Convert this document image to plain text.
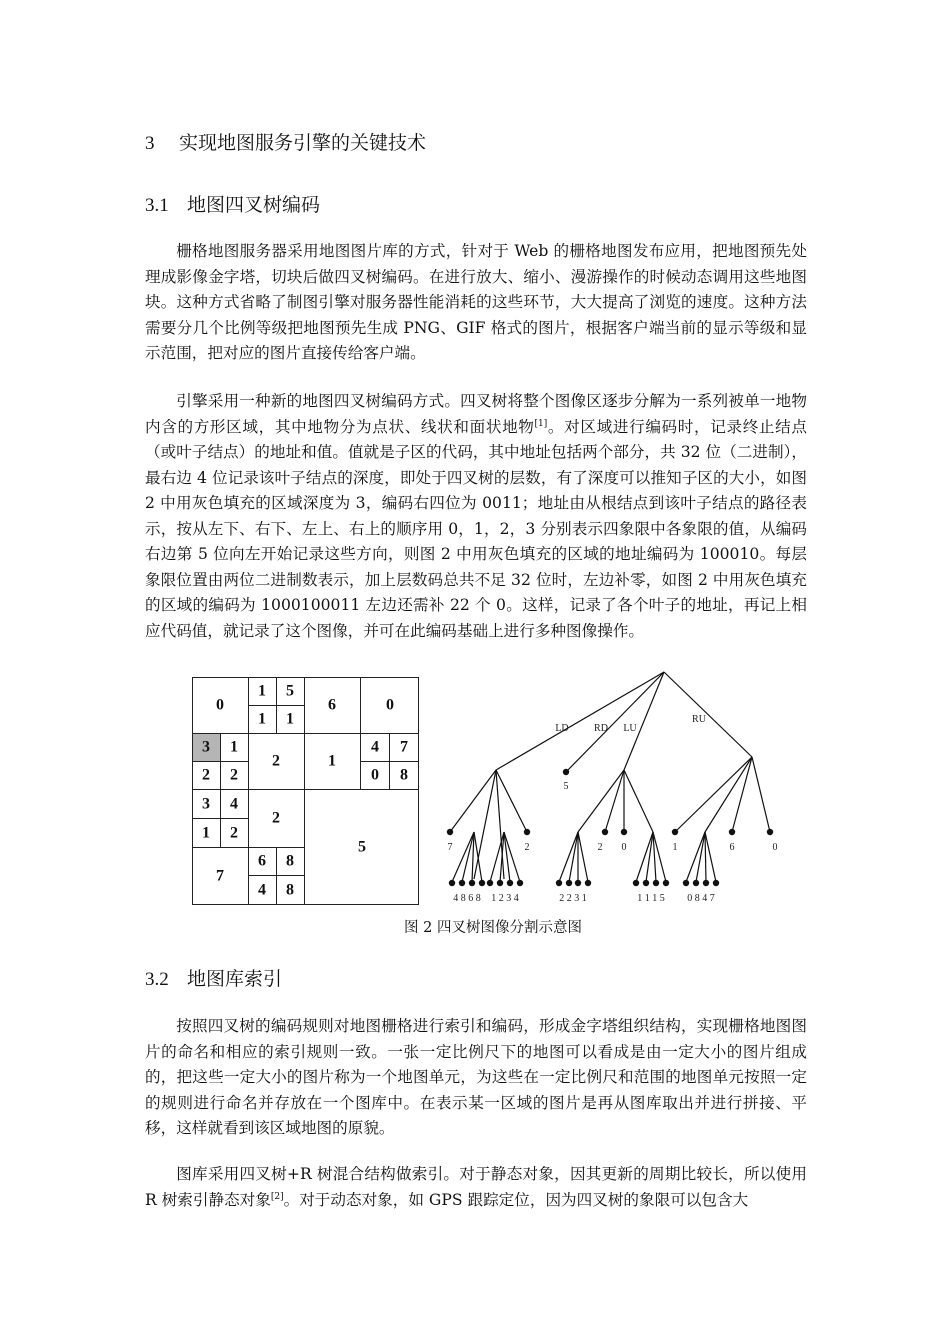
3 实现地图服务引擎的关键技术
3.1 地图四叉树编码

栅格地图服务器采用地图图片库的方式，针对于 Web 的栅格地图发布应用，把地图预先处理成影像金字塔，切块后做四叉树编码。在进行放大、缩小、漫游操作的时候动态调用这些地图块。这种方式省略了制图引擎对服务器性能消耗的这些环节，大大提高了浏览的速度。这种方法需要分几个比例等级把地图预先生成 PNG、GIF 格式的图片，根据客户端当前的显示等级和显示范围，把对应的图片直接传给客户端。

引擎采用一种新的地图四叉树编码方式。四叉树将整个图像区逐步分解为一系列被单一地物内含的方形区域，其中地物分为点状、线状和面状地物[1]。对区域进行编码时，记录终止结点（或叶子结点）的地址和值。值就是子区的代码，其中地址包括两个部分，共 32 位（二进制），最右边 4 位记录该叶子结点的深度，即处于四叉树的层数，有了深度可以推知子区的大小，如图 2 中用灰色填充的区域深度为 3，编码右四位为 0011；地址由从根结点到该叶子结点的路径表示，按从左下、右下、左上、右上的顺序用 0，1，2，3 分别表示四象限中各象限的值，从编码右边第 5 位向左开始记录这些方向，则图 2 中用灰色填充的区域的地址编码为 100010。每层象限位置由两位二进制数表示，加上层数码总共不足 32 位时，左边补零，如图 2 中用灰色填充的区域的编码为 1000100011 左边还需补 22 个 0。这样，记录了各个叶子的地址，再记上相应代码值，就记录了这个图像，并可在此编码基础上进行多种图像操作。

0
1 5
1 1
6	0
3 1
2 2
2	1
4 7
0 8
3 4
1 2
2
7
6 8
4 8
5
LD	RD LU
RU
5
7	2	2 0	1	6	0
4 8 6 8 1 2 3 4	2 2 3 1	1 1 1 5 0 8 4 7
图 2 四叉树图像分割示意图
3.2 地图库索引

按照四叉树的编码规则对地图栅格进行索引和编码，形成金字塔组织结构，实现栅格地图图片的命名和相应的索引规则一致。一张一定比例尺下的地图可以看成是由一定大小的图片组成的，把这些一定大小的图片称为一个地图单元，为这些在一定比例尺和范围的地图单元按照一定的规则进行命名并存放在一个图库中。在表示某一区域的图片是再从图库取出并进行拼接、平移，这样就看到该区域地图的原貌。

图库采用四叉树+R 树混合结构做索引。对于静态对象，因其更新的周期比较长，所以使用 R 树索引静态对象[2]。对于动态对象，如 GPS 跟踪定位，因为四叉树的象限可以包含大
